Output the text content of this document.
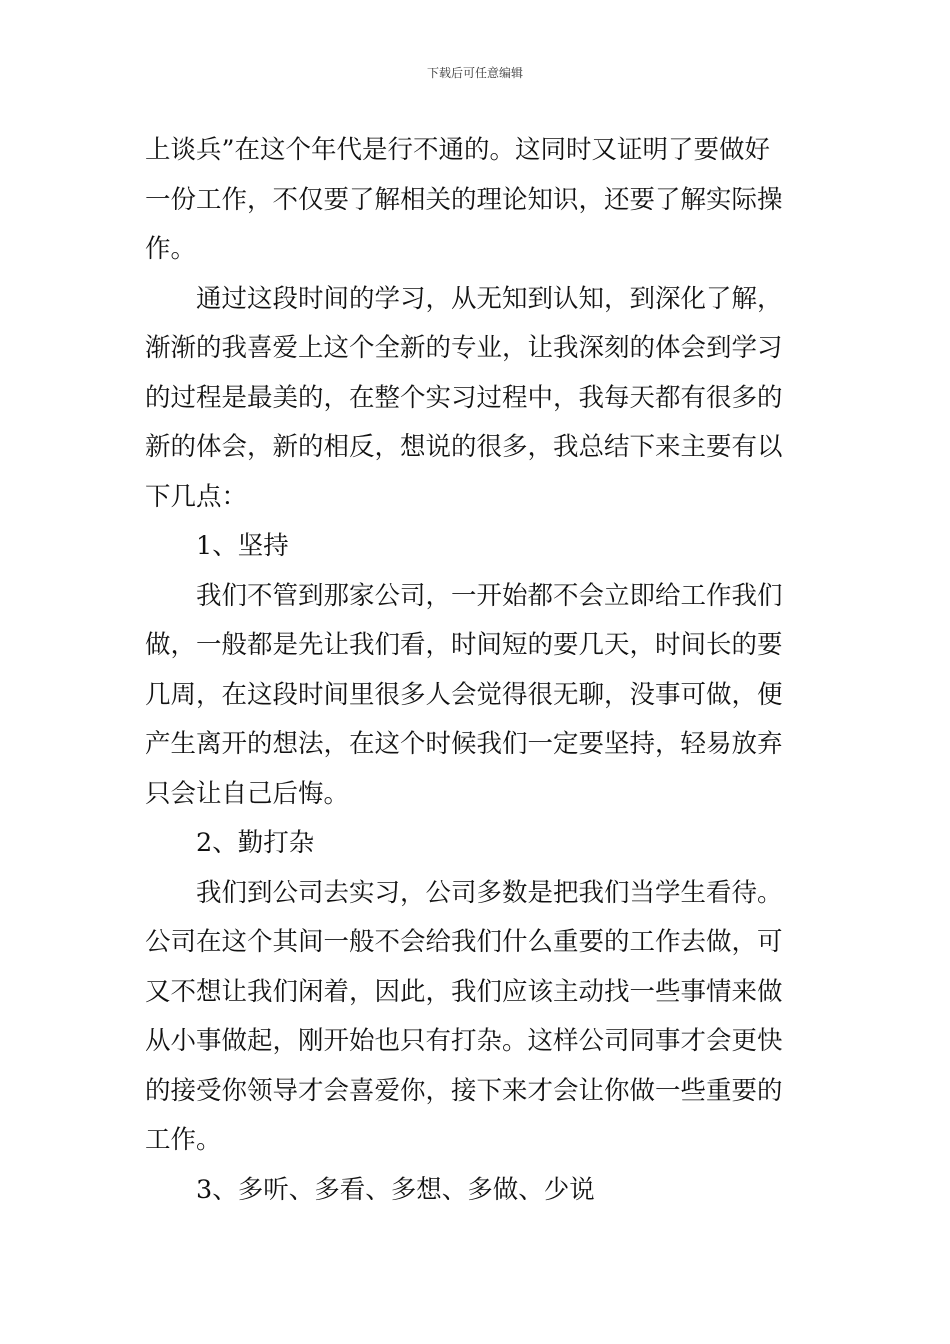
下载后可任意编辑
上谈兵”在这个年代是行不通的。这同时又证明了要做好
一份工作，不仅要了解相关的理论知识，还要了解实际操
作。
通过这段时间的学习，从无知到认知，到深化了解，
渐渐的我喜爱上这个全新的专业，让我深刻的体会到学习
的过程是最美的，在整个实习过程中，我每天都有很多的
新的体会，新的相反，想说的很多，我总结下来主要有以
下几点：
1、坚持
我们不管到那家公司，一开始都不会立即给工作我们
做，一般都是先让我们看，时间短的要几天，时间长的要
几周，在这段时间里很多人会觉得很无聊，没事可做，便
产生离开的想法，在这个时候我们一定要坚持，轻易放弃
只会让自己后悔。
2、勤打杂
我们到公司去实习，公司多数是把我们当学生看待。
公司在这个其间一般不会给我们什么重要的工作去做，可
又不想让我们闲着，因此，我们应该主动找一些事情来做
从小事做起，刚开始也只有打杂。这样公司同事才会更快
的接受你领导才会喜爱你，接下来才会让你做一些重要的
工作。
3、多听、多看、多想、多做、少说
